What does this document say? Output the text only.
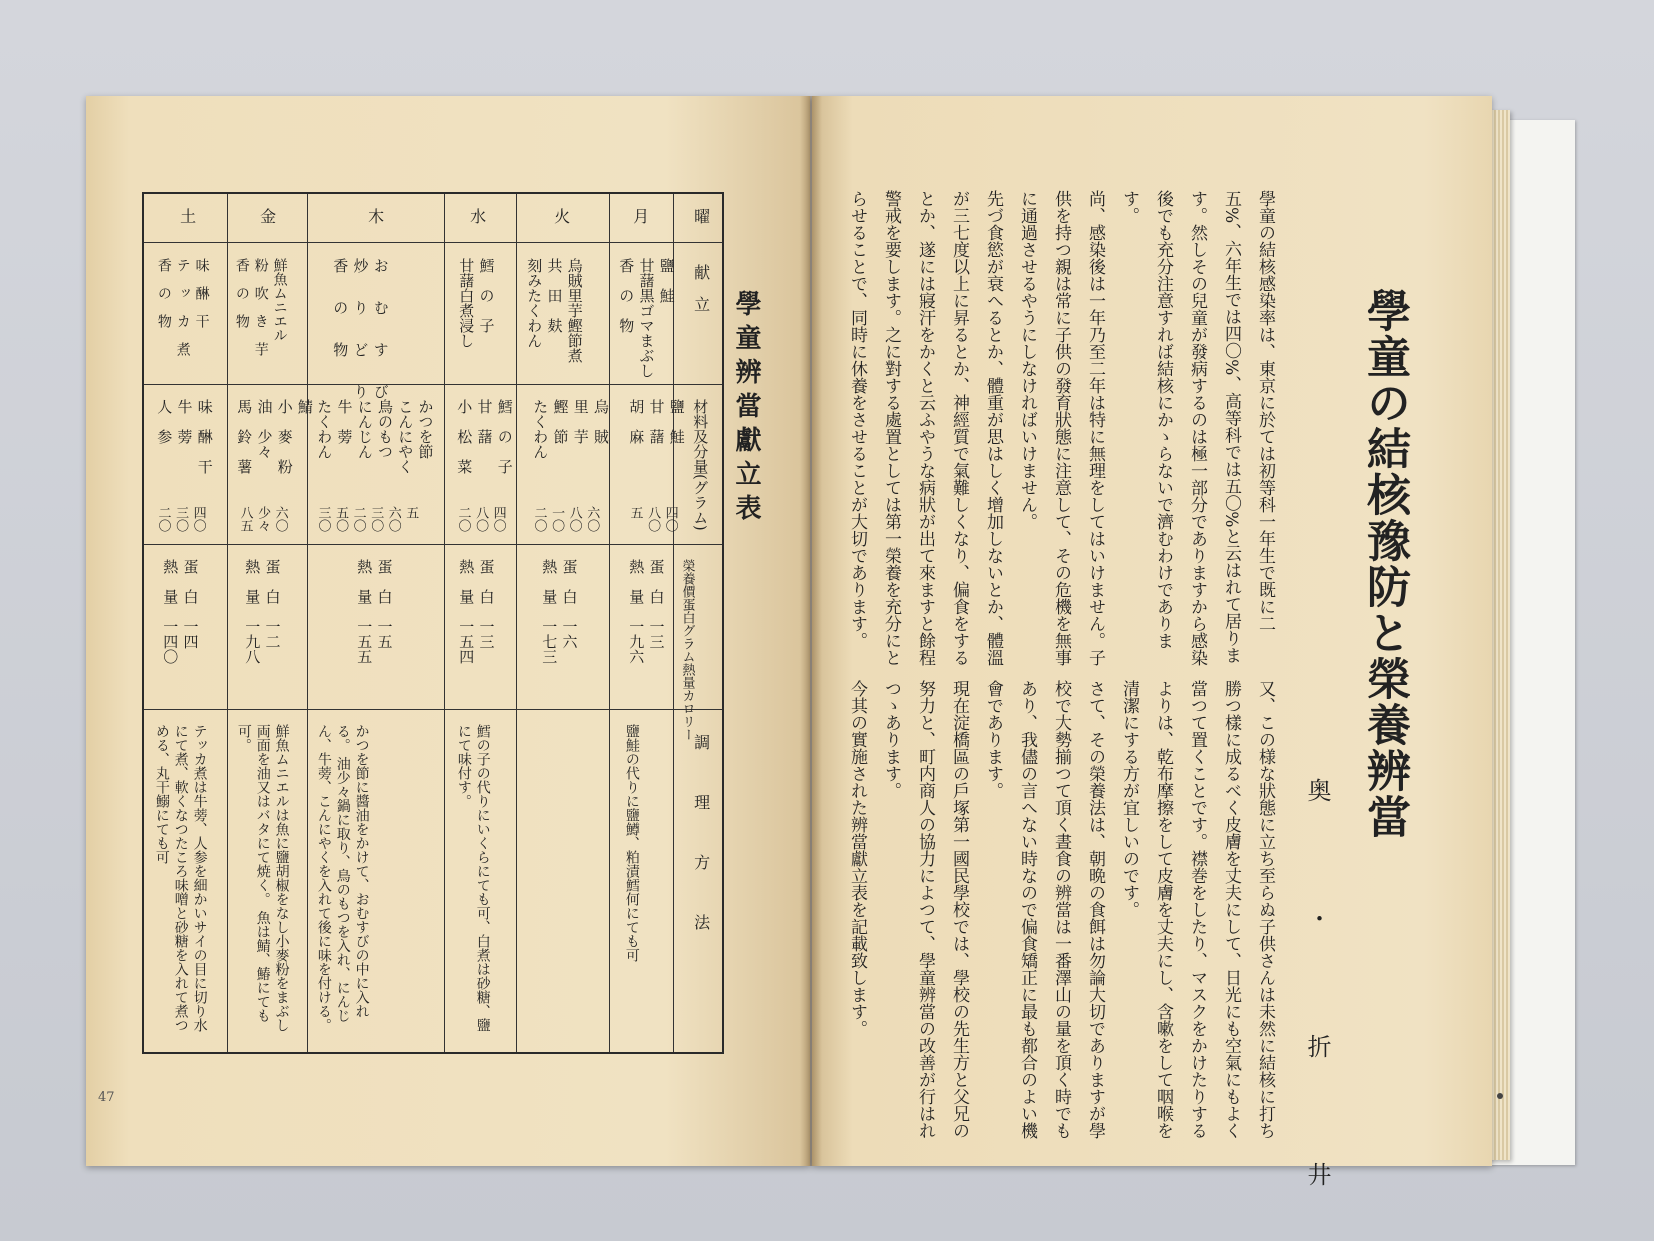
學童辨當獻立表
曜
献　立
材料及分量(グラム)
榮養價蛋白グラム熱量カロリー
調　理　方　法
月
鹽　鮭
甘藷黒ゴマまぶし
香　の　物
鹽　鮭
甘　藷
胡　麻
四〇
八〇
五
蛋　白　一三
熱　量　一九六
鹽鮭の代りに鹽鱒、粕漬鱈何にても可
火
烏賊里芋鰹節煮
共　田　麸
刻みたくわん
烏　賊
里　芋
鰹　節
たくわん
六〇
八〇
一〇
二〇
蛋　白　一六
熱　量　一七三
水
鱈　の　子
甘藷白煮浸し
鱈　の　子
甘　藷
小　松　菜
四〇
八〇
二〇
蛋　白　一三
熱　量　一五四
鱈の子の代りにいくらにても可、白煮は砂糖、鹽にて味付す。
木
お　む　す　び
炒　り　ど　り
香　の　物
かつを節
こんにやく
鳥のもつ
にんじん
牛　蒡
たくわん
五
六〇
三〇
二〇
五〇
三〇
蛋　白　一五
熱　量　一五五
かつを節に醬油をかけて、おむすびの中に入れる。 油少々鍋に取り、鳥のもつを入れ、にんじん、牛蒡、こんにやくを入れて後に味を付ける。
金
鮮魚ムニエル
粉　吹　き　芋
香　の　物
鯖
小　麥　粉
油　少々
馬　鈴　薯
六〇
少々
八五
蛋　白　一二
熱　量　一九八
鮮魚ムニエルは魚に鹽胡椒をなし小麥粉をまぶし両面を油又はバタにて焼く。 魚は鯖、鰆にても可。
土
味　醂　干
テ　ッ　カ　煮
香　の　物
味　醂　干
牛　蒡
人　参
四〇
三〇
二〇
蛋　白　一四
熱　量　一四〇
テッカ煮は牛蒡、人参を細かいサイの目に切り水にて煮、軟くなつたころ味噌と砂糖を入れて煮つめる、丸干鰯にても可
47
學童の結核豫防と榮養辨當
奥　・　折　井
學童の結核感染率は、東京に於ては初等科一年生で既に二五%、六年生では四〇%、高等科では五〇%と云はれて居ります。然しその兒童が發病するのは極一部分でありますから感染後でも充分注意すれば結核にかゝらないで濟むわけであります。
尚、感染後は一年乃至二年は特に無理をしてはいけません。子供を持つ親は常に子供の發育狀態に注意して、その危機を無事に通過させるやうにしなければいけません。
先づ食慾が衰へるとか、體重が思はしく增加しないとか、體溫が三七度以上に昇るとか、神經質で氣難しくなり、偏食をするとか、遂には寢汗をかくと云ふやうな病狀が出て來ますと餘程警戒を要します。之に對する處置としては第一榮養を充分にとらせることで、同時に休養をさせることが大切であります。
又、この様な狀態に立ち至らぬ子供さんは未然に結核に打ち勝つ樣に成るべく皮膚を丈夫にして、日光にも空氣にもよく當つて置くことです。襟巻をしたり、マスクをかけたりするよりは、乾布摩擦をして皮膚を丈夫にし、含嗽をして咽喉を清潔にする方が宜しいのです。
さて、その榮養法は、朝晩の食餌は勿論大切でありますが學校で大勢揃つて頂く晝食の辨當は一番澤山の量を頂く時でもあり、我儘の言へない時なので偏食矯正に最も都合のよい機會であります。
現在淀橋區の戶塚第一國民學校では、學校の先生方と父兄の努力と、町内商人の協力によつて、學童辨當の改善が行はれつゝあります。
今其の實施された辨當獻立表を記載致します。
